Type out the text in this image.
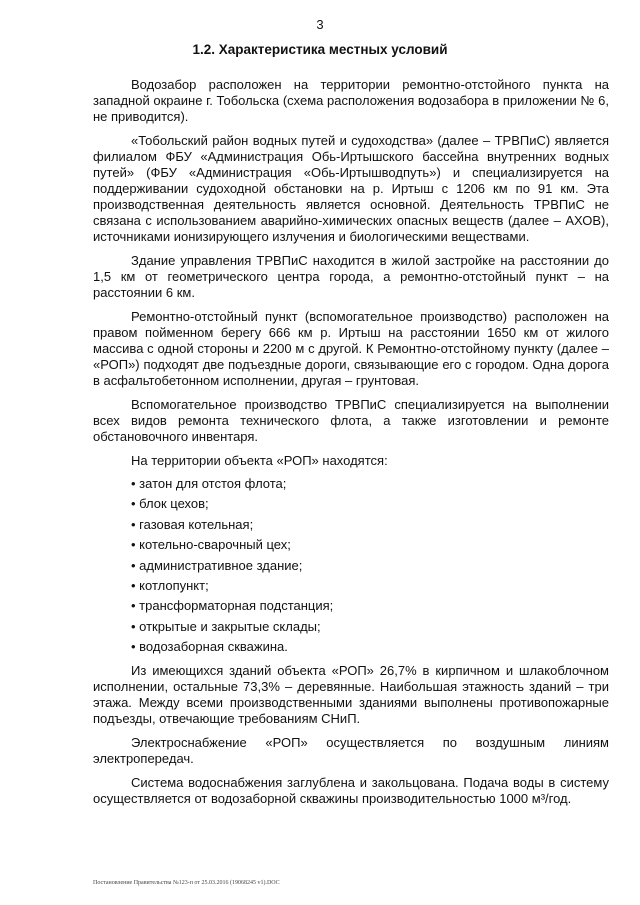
3
1.2. Характеристика местных условий

Водозабор расположен на территории ремонтно-отстойного пункта на западной окраине г. Тобольска (схема расположения водозабора в приложении № 6, не приводится).

«Тобольский район водных путей и судоходства» (далее – ТРВПиС) является филиалом ФБУ «Администрация Обь-Иртышского бассейна внутренних водных путей» (ФБУ «Администрация «Обь-Иртышводпуть») и специализируется на поддерживании судоходной обстановки на р. Иртыш с 1206 км по 91 км. Эта производственная деятельность является основной. Деятельность ТРВПиС не связана с использованием аварийно-химических опасных веществ (далее – АХОВ), источниками ионизирующего излучения и биологическими веществами.

Здание управления ТРВПиС находится в жилой застройке на расстоянии до 1,5 км от геометрического центра города, а ремонтно-отстойный пункт – на расстоянии 6 км.

Ремонтно-отстойный пункт (вспомогательное производство) расположен на правом пойменном берегу 666 км р. Иртыш на расстоянии 1650 км от жилого массива с одной стороны и 2200 м с другой. К Ремонтно-отстойному пункту (далее – «РОП») подходят две подъездные дороги, связывающие его с городом. Одна дорога в асфальтобетонном исполнении, другая – грунтовая.

Вспомогательное производство ТРВПиС специализируется на выполнении всех видов ремонта технического флота, а также изготовлении и ремонте обстановочного инвентаря.

На территории объекта «РОП» находятся:

• затон для отстоя флота;

• блок цехов;

• газовая котельная;

• котельно-сварочный цех;

• административное здание;

• котлопункт;

• трансформаторная подстанция;

• открытые и закрытые склады;

• водозаборная скважина.

Из имеющихся зданий объекта «РОП» 26,7% в кирпичном и шлакоблочном исполнении, остальные 73,3% – деревянные. Наибольшая этажность зданий – три этажа. Между всеми производственными зданиями выполнены противопожарные подъезды, отвечающие требованиям СНиП.

Электроснабжение «РОП» осуществляется по воздушным линиям электропередач.

Система водоснабжения заглублена и закольцована. Подача воды в систему осуществляется от водозаборной скважины производительностью 1000 м³/год.

Постановление Правительства №123-п от 25.03.2016 (19068245 v1).DOC
